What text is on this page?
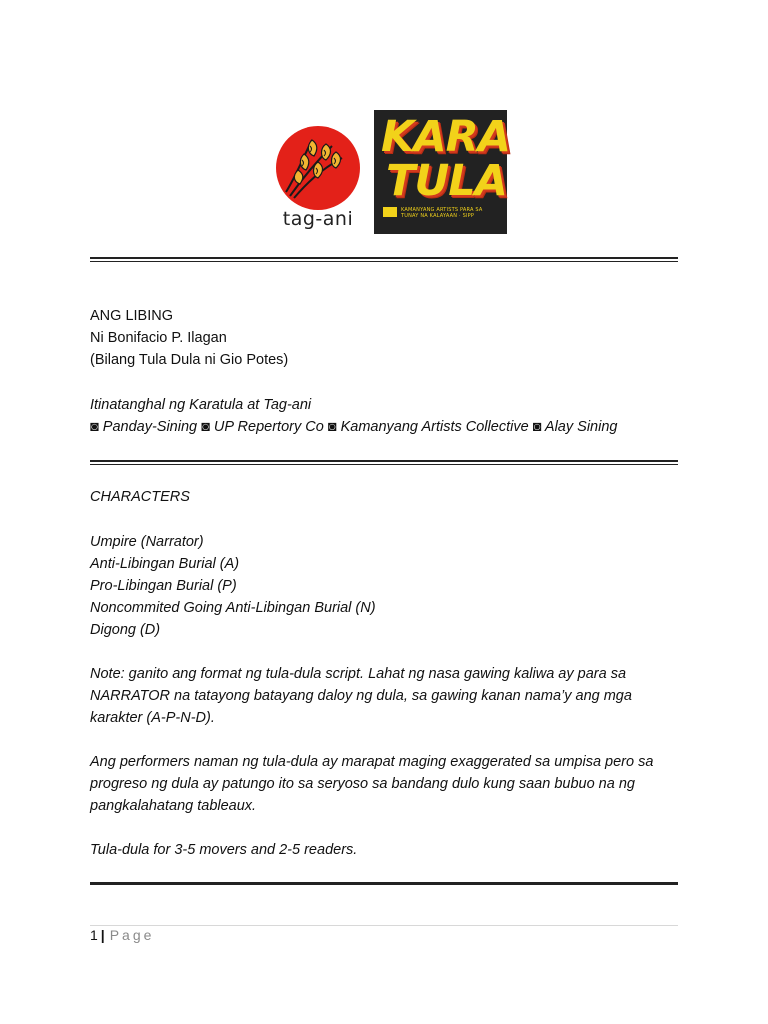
tag-ani
KARA
TULA
KAMANYANG ARTISTS PARA SA TUNAY NA KALAYAAN · SIPP
ANG LIBING
Ni Bonifacio P. Ilagan
(Bilang Tula Dula ni Gio Potes)
Itinatanghal ng Karatula at Tag-ani
◙ Panday-Sining ◙ UP Repertory Co ◙ Kamanyang Artists Collective ◙ Alay Sining
CHARACTERS
Umpire (Narrator)
Anti-Libingan Burial (A)
Pro-Libingan Burial (P)
Noncommited Going Anti-Libingan Burial (N)
Digong (D)
Note: ganito ang format ng tula-dula script. Lahat ng nasa gawing kaliwa ay para sa NARRATOR na tatayong batayang daloy ng dula, sa gawing kanan nama’y ang mga karakter (A-P-N-D).
Ang performers naman ng tula-dula ay marapat maging exaggerated sa umpisa pero sa progreso ng dula ay patungo ito sa seryoso sa bandang dulo kung saan bubuo na ng pangkalahatang tableaux.
Tula-dula for 3-5 movers and 2-5 readers.
1 | Page
